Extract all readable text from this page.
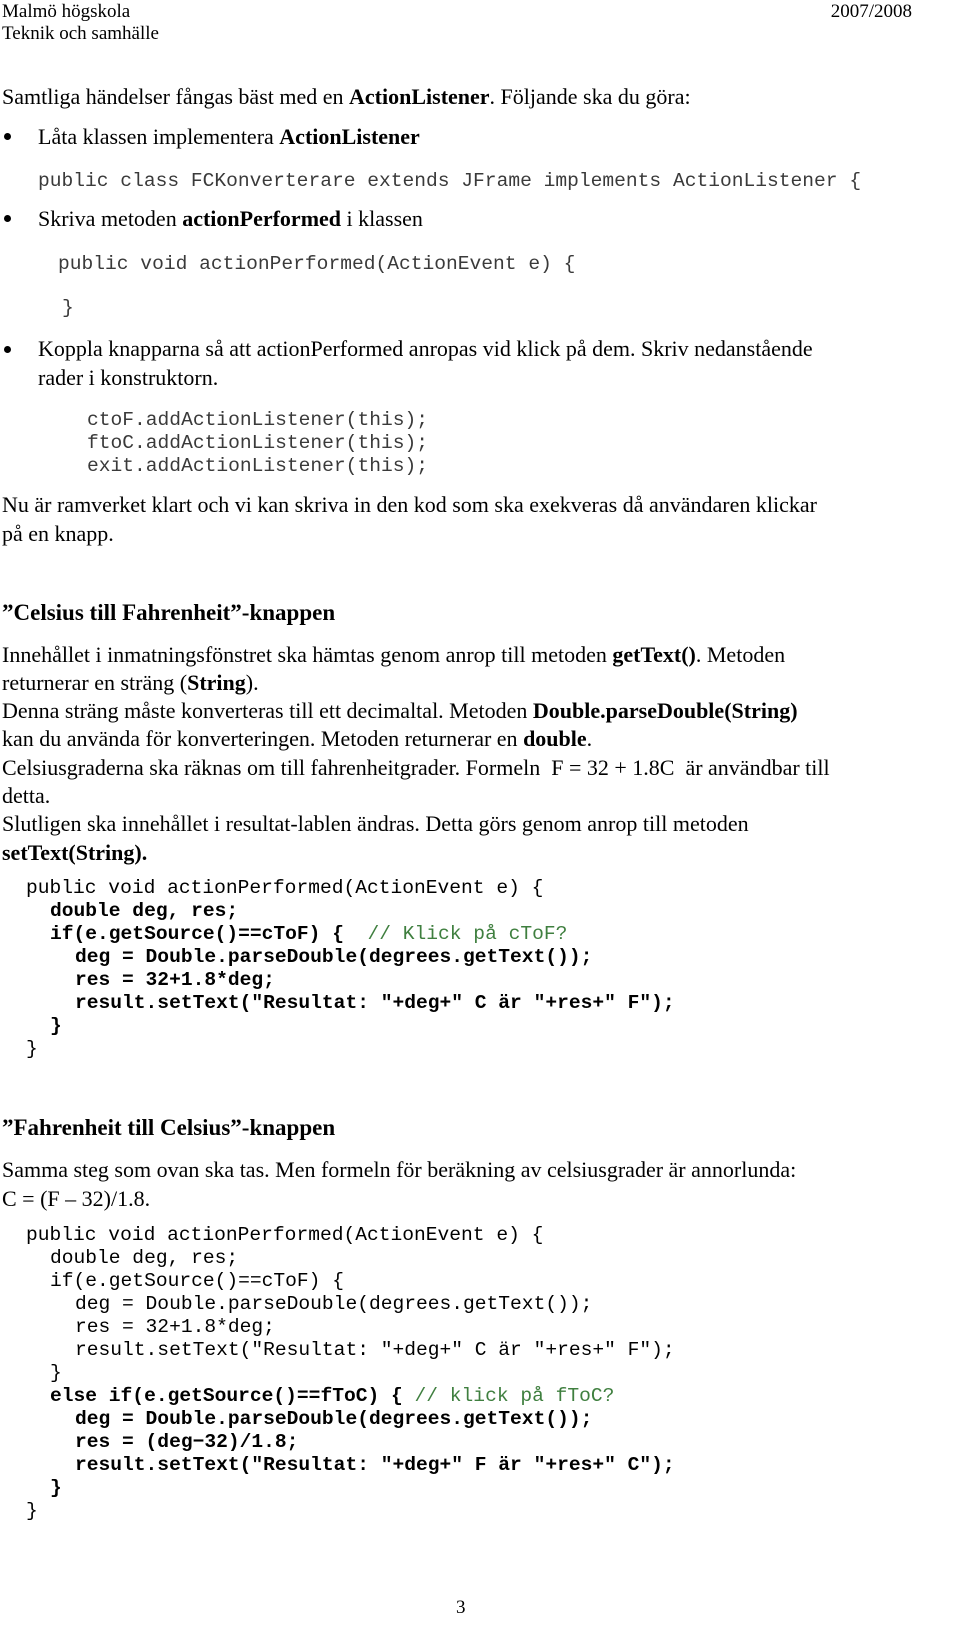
Malmö högskola
Teknik och samhälle
2007/2008
Samtliga händelser fångas bäst med en ActionListener. Följande ska du göra:
Låta klassen implementera ActionListener
public class FCKonverterare extends JFrame implements ActionListener {
Skriva metoden actionPerformed i klassen
public void actionPerformed(ActionEvent e) {
}
Koppla knapparna så att actionPerformed anropas vid klick på dem. Skriv nedanstående
rader i konstruktorn.
ctoF.addActionListener(this);
ftoC.addActionListener(this);
exit.addActionListener(this);
Nu är ramverket klart och vi kan skriva in den kod som ska exekveras då användaren klickar
på en knapp.
”Celsius till Fahrenheit”-knappen
Innehållet i inmatningsfönstret ska hämtas genom anrop till metoden getText(). Metoden
returnerar en sträng (String).
Denna sträng måste konverteras till ett decimaltal. Metoden Double.parseDouble(String)
kan du använda för konverteringen. Metoden returnerar en double.
Celsiusgraderna ska räknas om till fahrenheitgrader. Formeln  F = 32 + 1.8C  är användbar till
detta.
Slutligen ska innehållet i resultat-lablen ändras. Detta görs genom anrop till metoden
setText(String).
public void actionPerformed(ActionEvent e) {
double deg, res;
if(e.getSource()==cToF) {  // Klick på cToF?
deg = Double.parseDouble(degrees.getText());
res = 32+1.8*deg;
result.setText("Resultat: "+deg+" C är "+res+" F");
}
}
”Fahrenheit till Celsius”-knappen
Samma steg som ovan ska tas. Men formeln för beräkning av celsiusgrader är annorlunda:
C = (F – 32)/1.8.
public void actionPerformed(ActionEvent e) {
double deg, res;
if(e.getSource()==cToF) {
deg = Double.parseDouble(degrees.getText());
res = 32+1.8*deg;
result.setText("Resultat: "+deg+" C är "+res+" F");
}
else if(e.getSource()==fToC) { // klick på fToC?
deg = Double.parseDouble(degrees.getText());
res = (deg−32)/1.8;
result.setText("Resultat: "+deg+" F är "+res+" C");
}
}
3
